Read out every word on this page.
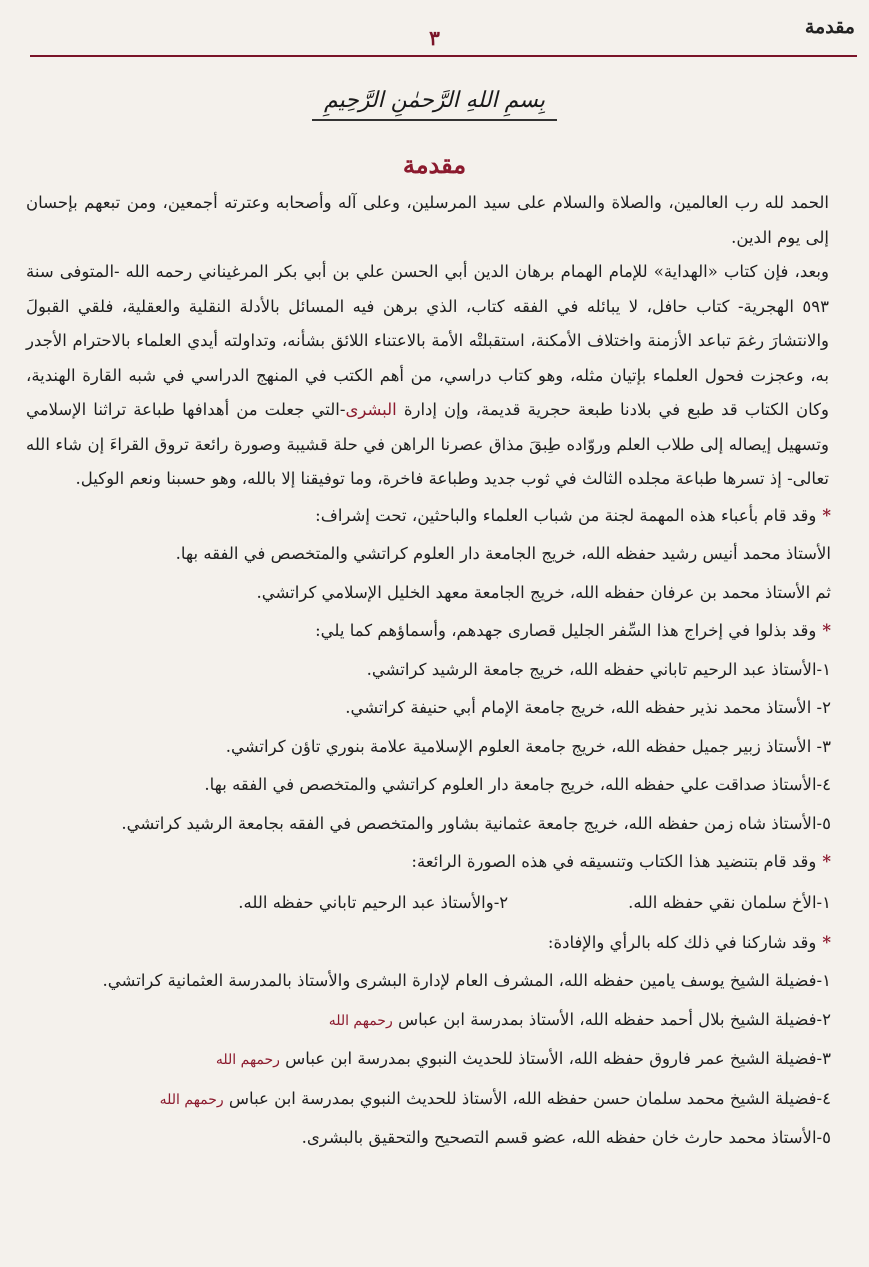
مقدمة
٣
بِسمِ اللهِ الرَّحمٰنِ الرَّحِيمِ
مقدمة

الحمد لله رب العالمين، والصلاة والسلام على سيد المرسلين، وعلى آله وأصحابه وعترته أجمعين، ومن تبعهم بإحسان إلى يوم الدين.

وبعد، فإن كتاب «الهداية» للإمام الهمام برهان الدين أبي الحسن علي بن أبي بكر المرغيناني رحمه الله -المتوفى سنة ٥٩٣ الهجرية- كتاب حافل، لا يبائله في الفقه كتاب، الذي برهن فيه المسائل بالأدلة النقلية والعقلية، فلقي القبولَ والانتشارَ رغمَ تباعد الأزمنة واختلاف الأمكنة، استقبلتْه الأمة بالاعتناء اللائق بشأنه، وتداولته أيدي العلماء بالاحترام الأجدر به، وعجزت فحول العلماء بإتيان مثله، وهو كتاب دراسي، من أهم الكتب في المنهج الدراسي في شبه القارة الهندية، وكان الكتاب قد طبع في بلادنا طبعة حجرية قديمة، وإن إدارة البشرى-التي جعلت من أهدافها طباعة تراثنا الإسلامي وتسهيل إيصاله إلى طلاب العلم وروّاده طِبقَ مذاق عصرنا الراهن في حلة قشيبة وصورة رائعة تروق القراءَ إن شاء الله تعالى- إذ تسرها طباعة مجلده الثالث في ثوب جديد وطباعة فاخرة، وما توفيقنا إلا بالله، وهو حسبنا ونعم الوكيل.

*وقد قام بأعباء هذه المهمة لجنة من شباب العلماء والباحثين، تحت إشراف:

الأستاذ محمد أنيس رشيد حفظه الله، خريج الجامعة دار العلوم كراتشي والمتخصص في الفقه بها.

ثم الأستاذ محمد بن عرفان حفظه الله، خريج الجامعة معهد الخليل الإسلامي كراتشي.

*وقد بذلوا في إخراج هذا السِّفر الجليل قصارى جهدهم، وأسماؤهم كما يلي:

١-الأستاذ عبد الرحيم تاباني حفظه الله، خريج جامعة الرشيد كراتشي.

٢- الأستاذ محمد نذير حفظه الله، خريج جامعة الإمام أبي حنيفة كراتشي.

٣- الأستاذ زبير جميل حفظه الله، خريج جامعة العلوم الإسلامية علامة بنوري تاؤن كراتشي.

٤-الأستاذ صداقت علي حفظه الله، خريج جامعة دار العلوم كراتشي والمتخصص في الفقه بها.

٥-الأستاذ شاه زمن حفظه الله، خريج جامعة عثمانية بشاور والمتخصص في الفقه بجامعة الرشيد كراتشي.

*وقد قام بتنضيد هذا الكتاب وتنسيقه في هذه الصورة الرائعة:

١-الأخ سلمان نقي حفظه الله.
٢-والأستاذ عبد الرحيم تاباني حفظه الله.

*وقد شاركنا في ذلك كله بالرأي والإفادة:

١-فضيلة الشيخ يوسف يامين حفظه الله، المشرف العام لإدارة البشرى والأستاذ بالمدرسة العثمانية كراتشي.

٢-فضيلة الشيخ بلال أحمد حفظه الله، الأستاذ بمدرسة ابن عباس رحمهم الله

٣-فضيلة الشيخ عمر فاروق حفظه الله، الأستاذ للحديث النبوي بمدرسة ابن عباس رحمهم الله

٤-فضيلة الشيخ محمد سلمان حسن حفظه الله، الأستاذ للحديث النبوي بمدرسة ابن عباس رحمهم الله

٥-الأستاذ محمد حارث خان حفظه الله، عضو قسم التصحيح والتحقيق بالبشرى.
